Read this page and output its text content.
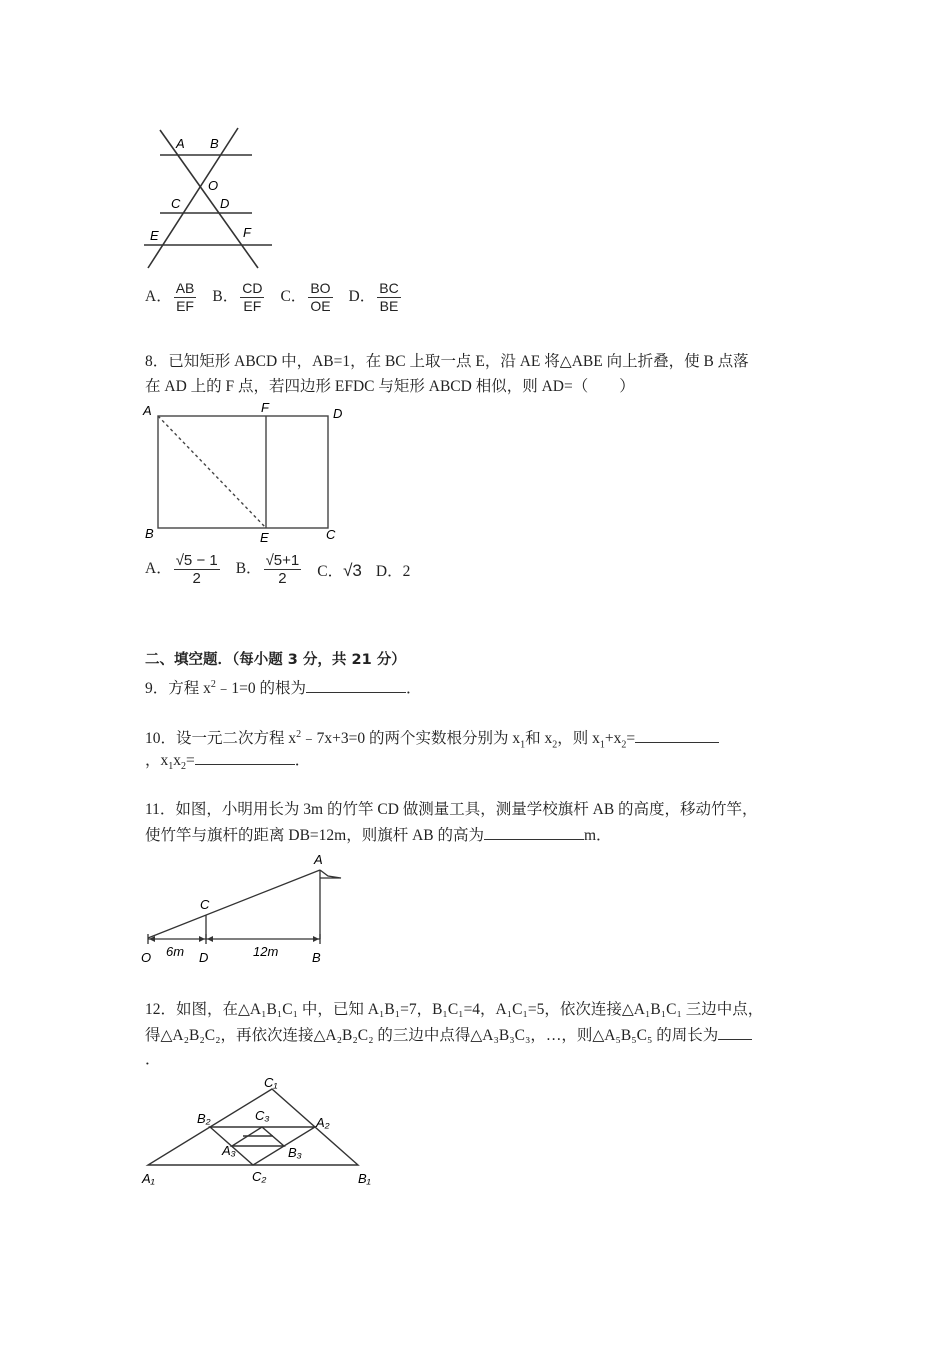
A B
O
C	D
E	F
A． $\frac{AB}{EF}$ B． $\frac{CD}{EF}$ C． $\frac{BO}{OE}$ D． $\frac{BC}{BE}$
8．已知矩形 ABCD 中，AB=1，在 BC 上取一点 E，沿 AE 将△ABE 向上折叠，使 B 点落
在 AD 上的 F 点，若四边形 EFDC 与矩形 ABCD 相似，则 AD=（　　）
A	F	D
B	E	C
A． $\frac{√5 - 1}{2}$ B． $\frac{√5+1}{2}$ C．√3 D．2
二、填空题．（每小题 3 分，共 21 分）
9．方程 $x^2﹣1=0$ 的根为	．
10．设一元二次方程 $x^2﹣7x+3=0$ 的两个实数根分别为 $x_1$和 $x_2$，则 $x_1+x_2=$
，$x_1x_2=$	．
11．如图，小明用长为 3m 的竹竿 CD 做测量工具，测量学校旗杆 AB 的高度，移动竹竿，
使竹竿与旗杆的距离 DB=12m，则旗杆 AB 的高为	m．
A
C
O	D	B
6m	12m
12．如图，在△A₁B₁C₁ 中，已知 A₁B₁=7，B₁C₁=4，A₁C₁=5，依次连接△A₁B₁C₁ 三边中点，
得△A₂B₂C₂，再依次连接△A₂B₂C₂ 的三边中点得△A₃B₃C₃，…，则△A₅B₅C₅ 的周长为
．
C₁
B₂	C₃	A₂
A₃	B₃
A₁	C₂	B₁
